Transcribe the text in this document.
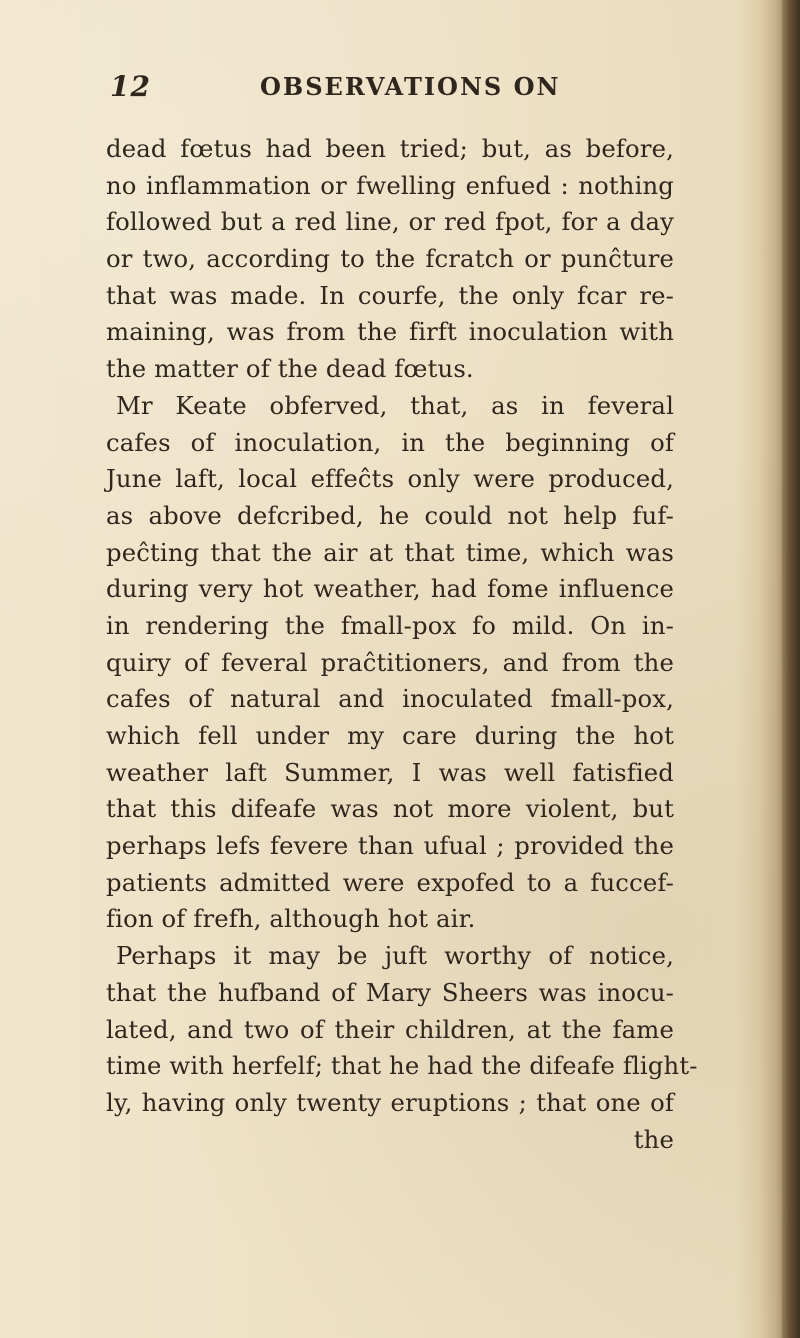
12	OBSERVATIONS ON
dead fœtus had been tried; but, as before,
no inflammation or fwelling enfued : nothing
followed but a red line, or red fpot, for a day
or two, according to the fcratch or punĉture
that was made. In courfe, the only fcar re-
maining, was from the firft inoculation with
the matter of the dead fœtus.
Mr Keate obferved, that, as in feveral
cafes of inoculation, in the beginning of
June laft, local effeĉts only were produced,
as above defcribed, he could not help fuf-
peĉting that the air at that time, which was
during very hot weather, had fome influence
in rendering the fmall-pox fo mild. On in-
quiry of feveral praĉtitioners, and from the
cafes of natural and inoculated fmall-pox,
which fell under my care during the hot
weather laft Summer, I was well fatisfied
that this difeafe was not more violent, but
perhaps lefs fevere than ufual ; provided the
patients admitted were expofed to a fuccef-
fion of frefh, although hot air.
Perhaps it may be juft worthy of notice,
that the hufband of Mary Sheers was inocu-
lated, and two of their children, at the fame
time with herfelf; that he had the difeafe flight-
ly, having only twenty eruptions ; that one of
the
